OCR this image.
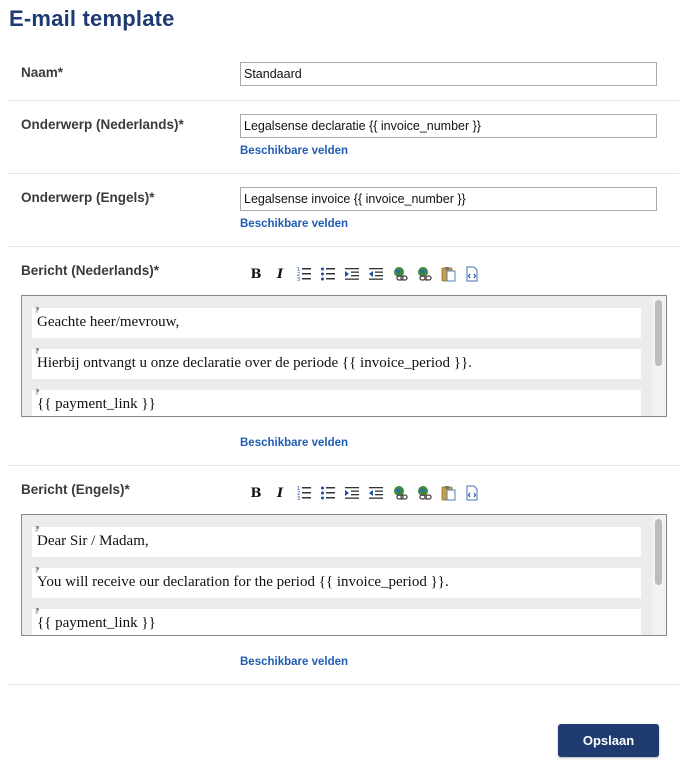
E-mail template
Naam*
Standaard
Onderwerp (Nederlands)*
Legalsense declaratie {{ invoice_number }}
Beschikbare velden
Onderwerp (Engels)*
Legalsense invoice {{ invoice_number }}
Beschikbare velden
Bericht (Nederlands)*	B I	1
2
3
⁋
Geachte heer/mevrouw,
⁋
Hierbij ontvangt u onze declaratie over de periode {{ invoice_period }}.
⁋
{{ payment_link }}
Beschikbare velden
Bericht (Engels)*	B I	1
2
3
⁋
Dear Sir / Madam,
⁋
You will receive our declaration for the period {{ invoice_period }}.
⁋
{{ payment_link }}
Beschikbare velden
Opslaan
